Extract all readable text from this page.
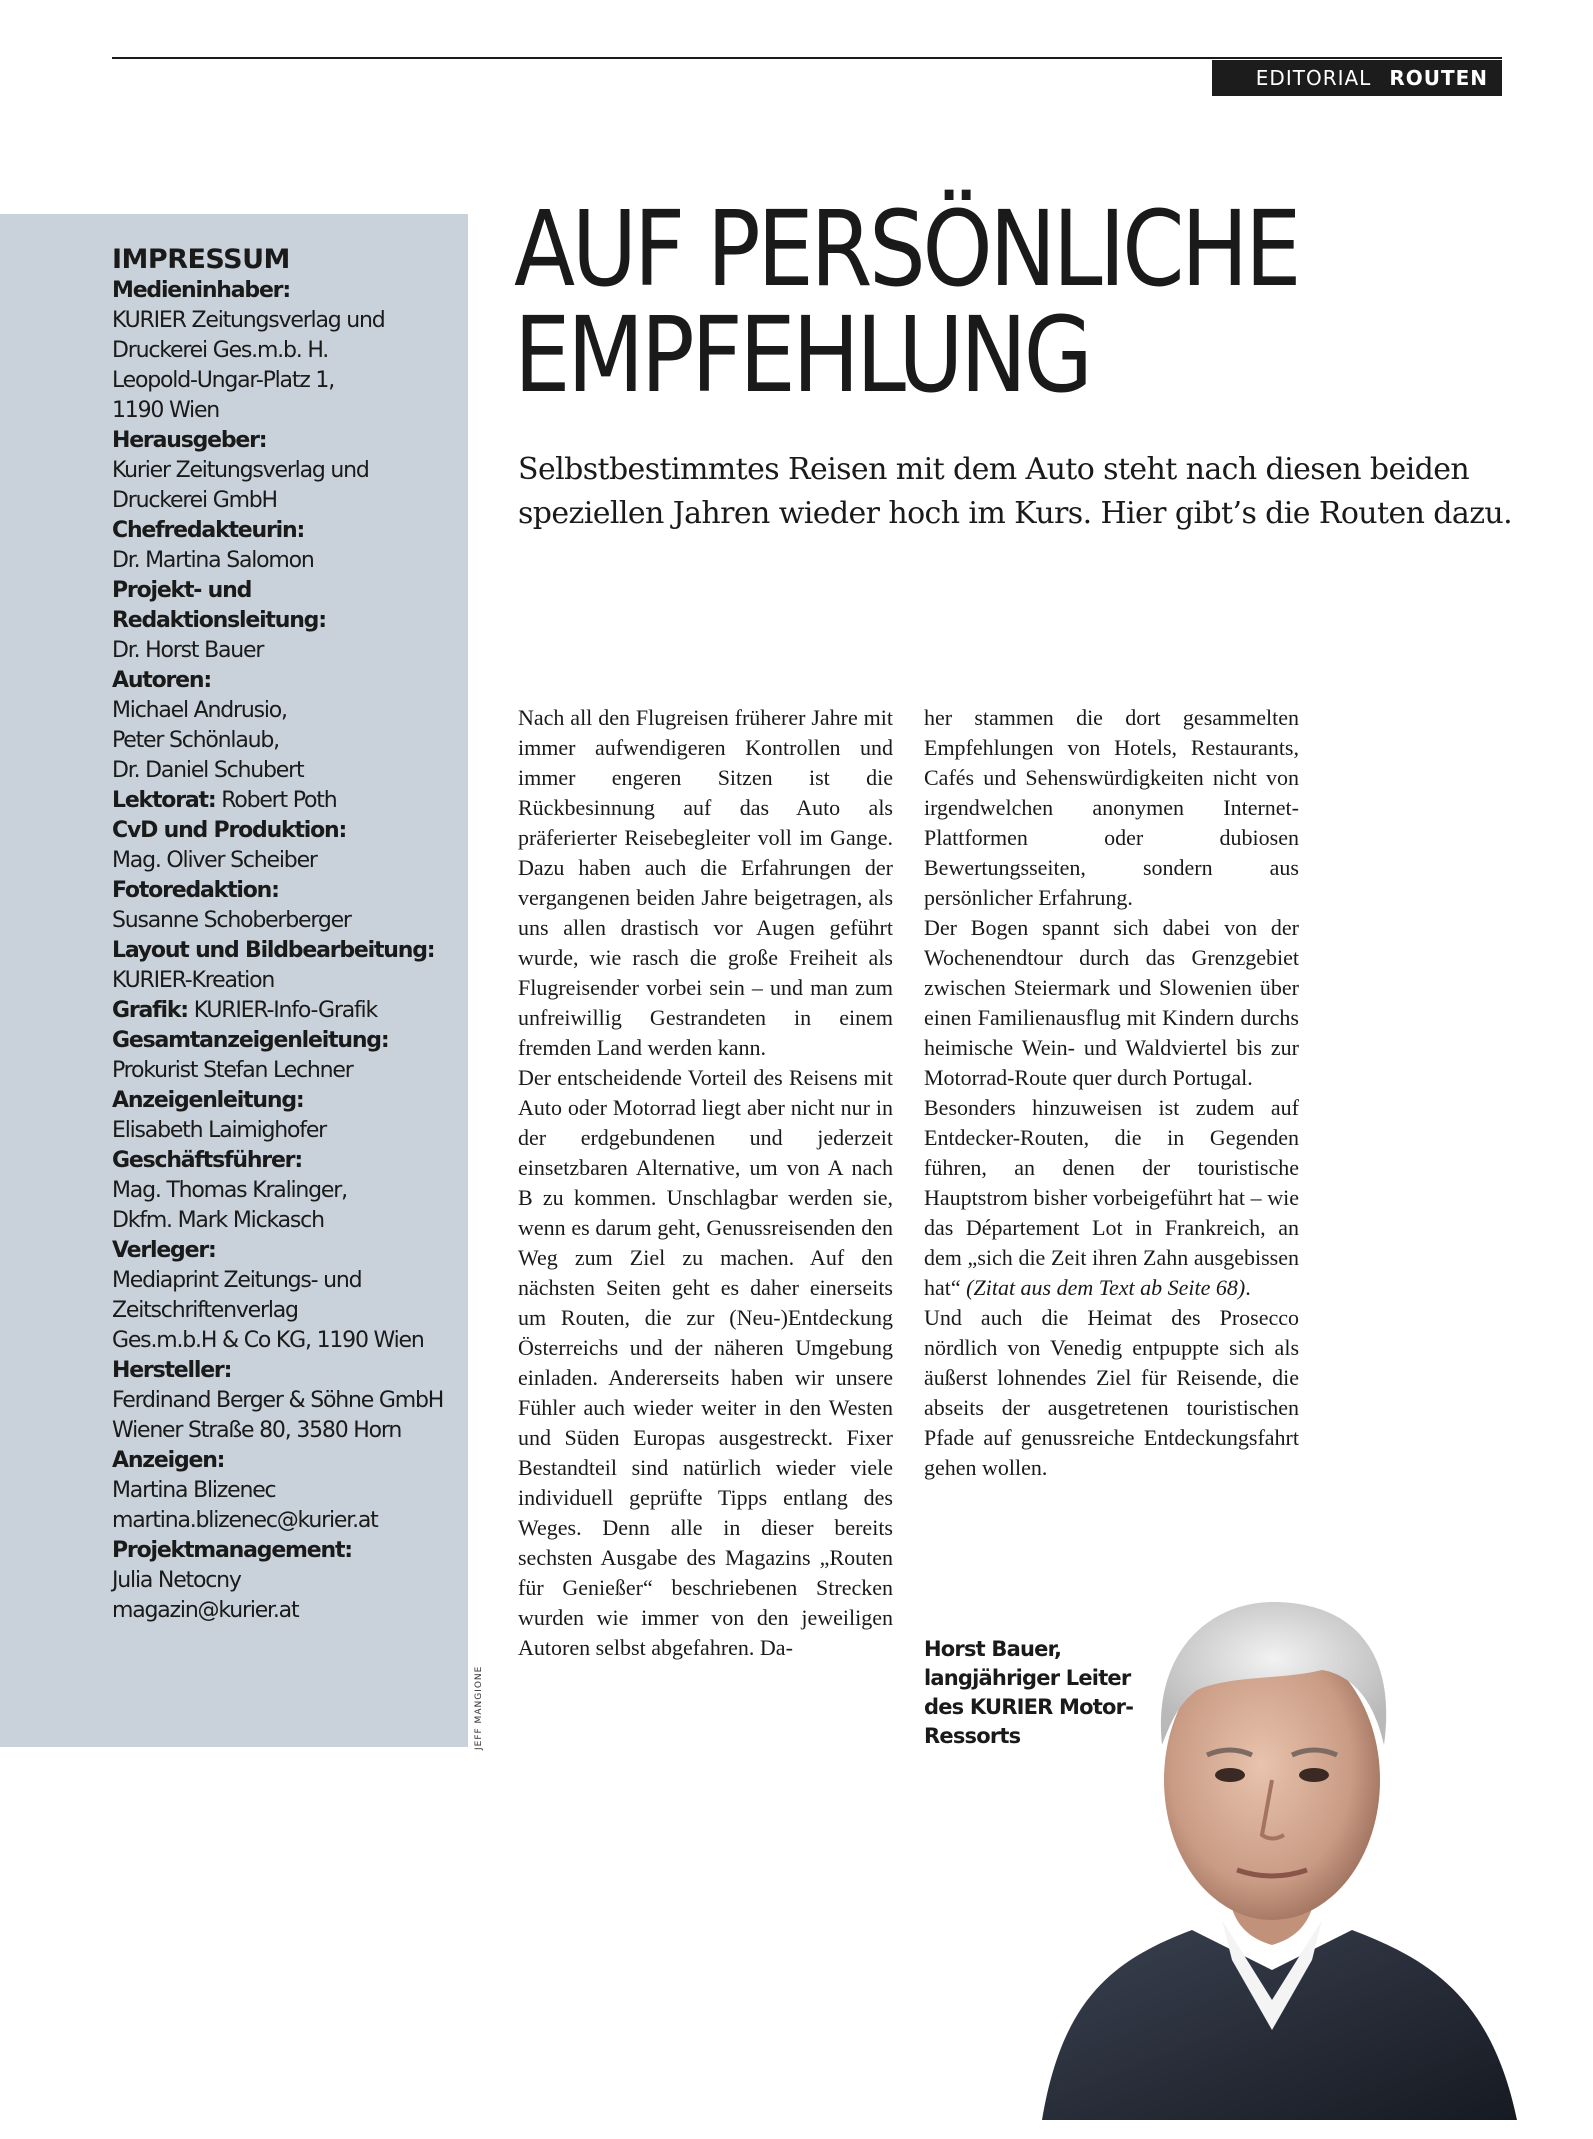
EDITORIAL ROUTEN
IMPRESSUM
Medieninhaber:
KURIER Zeitungsverlag und
Druckerei Ges.m.b. H.
Leopold-Ungar-Platz 1,
1190 Wien
Herausgeber:
Kurier Zeitungsverlag und
Druckerei GmbH
Chefredakteurin:
Dr. Martina Salomon
Projekt- und Redaktionsleitung:
Dr. Horst Bauer
Autoren:
Michael Andrusio,
Peter Schönlaub,
Dr. Daniel Schubert
Lektorat: Robert Poth
CvD und Produktion:
Mag. Oliver Scheiber
Fotoredaktion:
Susanne Schoberberger
Layout und Bildbearbeitung:
KURIER-Kreation
Grafik: KURIER-Info-Grafik
Gesamtanzeigenleitung:
Prokurist Stefan Lechner
Anzeigenleitung:
Elisabeth Laimighofer
Geschäftsführer:
Mag. Thomas Kralinger,
Dkfm. Mark Mickasch
Verleger:
Mediaprint Zeitungs- und
Zeitschriftenverlag
Ges.m.b.H & Co KG, 1190 Wien
Hersteller:
Ferdinand Berger & Söhne GmbH
Wiener Straße 80, 3580 Horn
Anzeigen:
Martina Blizenec
martina.blizenec@kurier.at
Projektmanagement:
Julia Netocny
magazin@kurier.at
JEFF MANGIONE
AUF PERSÖNLICHE
EMPFEHLUNG
Selbstbestimmtes Reisen mit dem Auto steht nach diesen beiden
speziellen Jahren wieder hoch im Kurs. Hier gibt’s die Routen dazu.

Nach all den Flugreisen früherer Jahre mit immer aufwendigeren Kontrollen und immer engeren Sitzen ist die Rückbesinnung auf das Auto als präferierter Reisebegleiter voll im Gange. Dazu haben auch die Erfahrungen der vergangenen beiden Jahre beigetragen, als uns allen drastisch vor Augen geführt wurde, wie rasch die große Freiheit als Flugreisender vorbei sein – und man zum unfreiwillig Gestrandeten in einem fremden Land werden kann.

Der entscheidende Vorteil des Reisens mit Auto oder Motorrad liegt aber nicht nur in der erdgebundenen und jederzeit einsetzbaren Alternative, um von A nach B zu kommen. Unschlagbar werden sie, wenn es darum geht, Genussreisenden den Weg zum Ziel zu machen. Auf den nächsten Seiten geht es daher einerseits um Routen, die zur (Neu-)Entdeckung Österreichs und der näheren Umgebung einladen. Andererseits haben wir unsere Fühler auch wieder weiter in den Westen und Süden Europas ausgestreckt. Fixer Bestandteil sind natürlich wieder viele individuell geprüfte Tipps entlang des Weges. Denn alle in dieser bereits sechsten Ausgabe des Magazins „Routen für Genießer“ beschriebenen Strecken wurden wie immer von den jeweiligen Autoren selbst abgefahren. Da-

her stammen die dort gesammelten Empfehlungen von Hotels, Restaurants, Cafés und Sehenswürdigkeiten nicht von irgendwelchen anonymen Internet-Plattformen oder dubiosen Bewertungsseiten, sondern aus persönlicher Erfahrung.

Der Bogen spannt sich dabei von der Wochenendtour durch das Grenzgebiet zwischen Steiermark und Slowenien über einen Familienausflug mit Kindern durchs heimische Wein- und Waldviertel bis zur Motorrad-Route quer durch Portugal.

Besonders hinzuweisen ist zudem auf Entdecker-Routen, die in Gegenden führen, an denen der touristische Hauptstrom bisher vorbeigeführt hat – wie das Département Lot in Frankreich, an dem „sich die Zeit ihren Zahn ausgebissen hat“ (Zitat aus dem Text ab Seite 68).

Und auch die Heimat des Prosecco nördlich von Venedig entpuppte sich als äußerst lohnendes Ziel für Reisende, die abseits der ausgetretenen touristischen Pfade auf genussreiche Entdeckungsfahrt gehen wollen.

Horst Bauer,
langjähriger Leiter
des KURIER Motor-
Ressorts
